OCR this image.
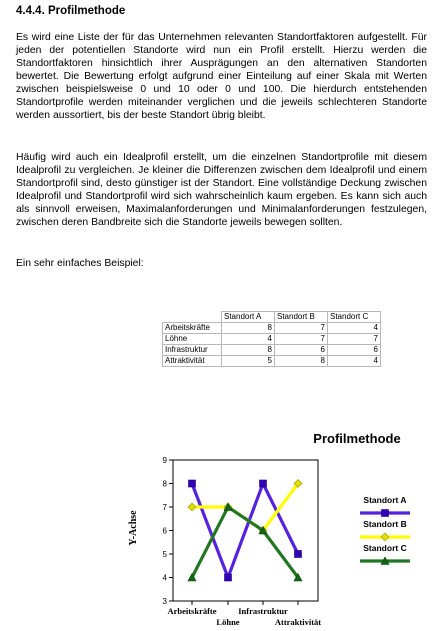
4.4.4. Profilmethode

Es wird eine Liste der für das Unternehmen relevanten Standortfaktoren aufgestellt. Für jeden der potentiellen Standorte wird nun ein Profil erstellt. Hierzu werden die Standortfaktoren hinsichtlich ihrer Ausprägungen an den alternativen Standorten bewertet. Die Bewertung erfolgt aufgrund einer Einteilung auf einer Skala mit Werten zwischen beispielsweise 0 und 10 oder 0 und 100. Die hierdurch entstehenden Standortprofile werden miteinander verglichen und die jeweils schlechteren Standorte werden aussortiert, bis der beste Standort übrig bleibt.

Häufig wird auch ein Idealprofil erstellt, um die einzelnen Standortprofile mit diesem Idealprofil zu vergleichen. Je kleiner die Differenzen zwischen dem Idealprofil und einem Standortprofil sind, desto günstiger ist der Standort. Eine vollständige Deckung zwischen Idealprofil und Standortprofil wird sich wahrscheinlich kaum ergeben. Es kann sich auch als sinnvoll erweisen, Maximalanforderungen und Minimalanforderungen festzulegen, zwischen deren Bandbreite sich die Standorte jeweils bewegen sollten.

Ein sehr einfaches Beispiel:
	Standort A	Standort B	Standort C
Arbeitskräfte	8	7	4
Löhne	4	7	7
Infrastruktur	8	6	6
Attraktivität	5	8	4
Profilmethode
Y-Achse
3
4
5
6
7
8
9
Arbeitskräfte
Löhne
Infrastruktur
Attraktivität
Standort A
Standort B
Standort C
